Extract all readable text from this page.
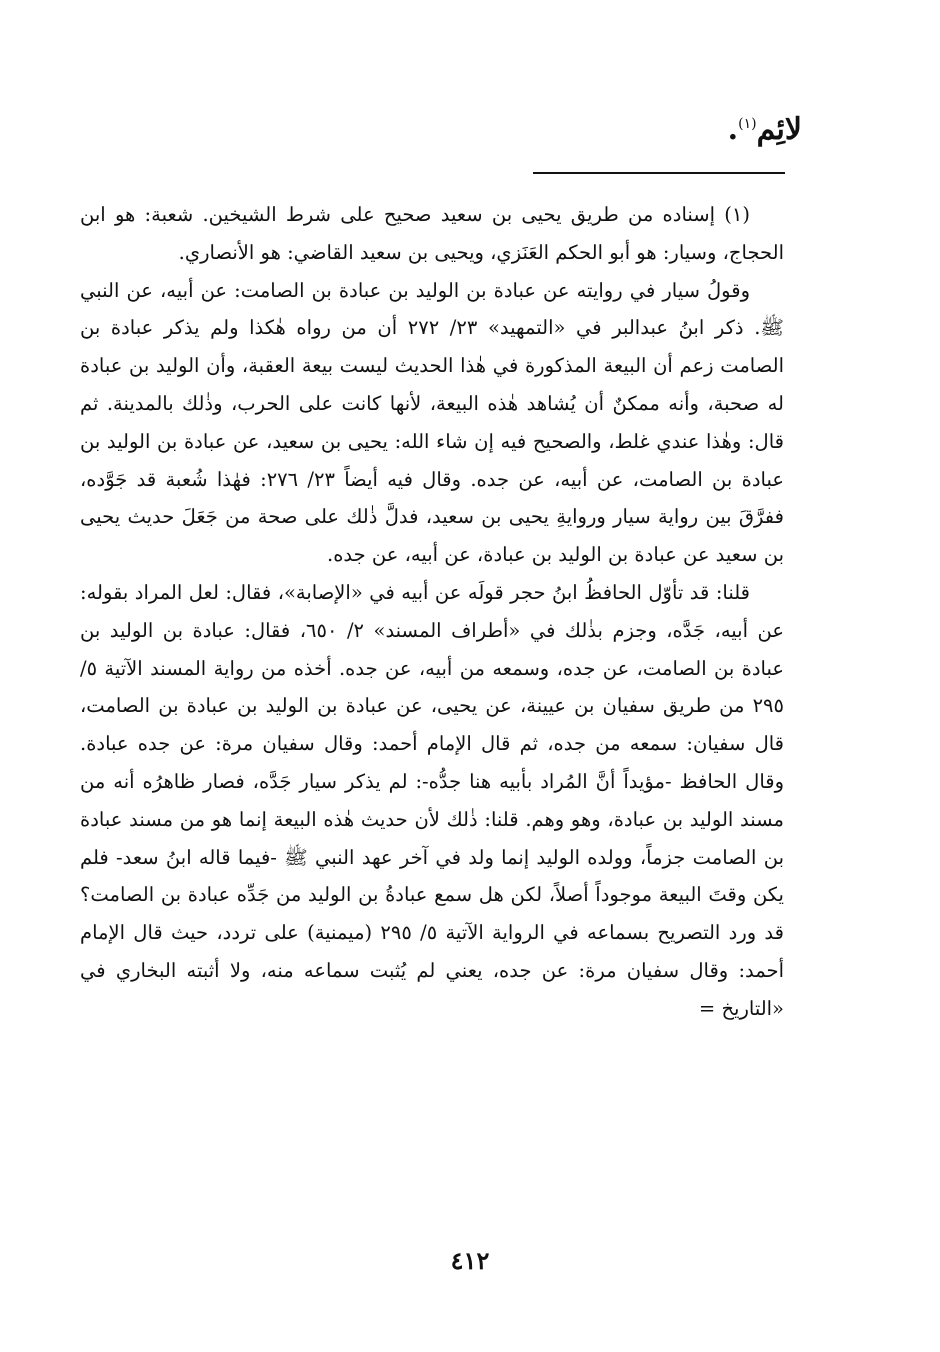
لائِم$^{(١)}$.

(١) إسناده من طريق يحيى بن سعيد صحيح على شرط الشيخين. شعبة: هو ابن الحجاج، وسيار: هو أبو الحكم العَنَزي، ويحيى بن سعيد القاضي: هو الأنصاري.

وقولُ سيار في روايته عن عبادة بن الوليد بن عبادة بن الصامت: عن أبيه، عن النبي ﷺ. ذكر ابنُ عبدالبر في «التمهيد» ٢٣/ ٢٧٢ أن من رواه هٰكذا ولم يذكر عبادة بن الصامت زعم أن البيعة المذكورة في هٰذا الحديث ليست بيعة العقبة، وأن الوليد بن عبادة له صحبة، وأنه ممكنٌ أن يُشاهد هٰذه البيعة، لأنها كانت على الحرب، وذٰلك بالمدينة. ثم قال: وهٰذا عندي غلط، والصحيح فيه إن شاء الله: يحيى بن سعيد، عن عبادة بن الوليد بن عبادة بن الصامت، عن أبيه، عن جده. وقال فيه أيضاً ٢٣/ ٢٧٦: فهٰذا شُعبة قد جَوَّده، ففرَّقَ بين رواية سيار وروايةِ يحيى بن سعيد، فدلَّ ذٰلك على صحة من جَعَلَ حديث يحيى بن سعيد عن عبادة بن الوليد بن عبادة، عن أبيه، عن جده.

قلنا: قد تأوّل الحافظُ ابنُ حجر قولَه عن أبيه في «الإصابة»، فقال: لعل المراد بقوله: عن أبيه، جَدَّه، وجزم بذٰلك في «أطراف المسند» ٢/ ٦٥٠، فقال: عبادة بن الوليد بن عبادة بن الصامت، عن جده، وسمعه من أبيه، عن جده. أخذه من رواية المسند الآتية ٥/ ٢٩٥ من طريق سفيان بن عيينة، عن يحيى، عن عبادة بن الوليد بن عبادة بن الصامت، قال سفيان: سمعه من جده، ثم قال الإمام أحمد: وقال سفيان مرة: عن جده عبادة. وقال الحافظ -مؤيداً أنَّ المُراد بأبيه هنا جدُّه-: لم يذكر سيار جَدَّه، فصار ظاهرُه أنه من مسند الوليد بن عبادة، وهو وهم. قلنا: ذٰلك لأن حديث هٰذه البيعة إنما هو من مسند عبادة بن الصامت جزماً، وولده الوليد إنما ولد في آخر عهد النبي ﷺ -فيما قاله ابنُ سعد- فلم يكن وقتَ البيعة موجوداً أصلاً، لكن هل سمع عبادةُ بن الوليد من جَدِّه عبادة بن الصامت؟ قد ورد التصريح بسماعه في الرواية الآتية ٥/ ٢٩٥ (ميمنية) على تردد، حيث قال الإمام أحمد: وقال سفيان مرة: عن جده، يعني لم يُثبت سماعه منه، ولا أثبته البخاري في «التاريخ =

٤١٢
